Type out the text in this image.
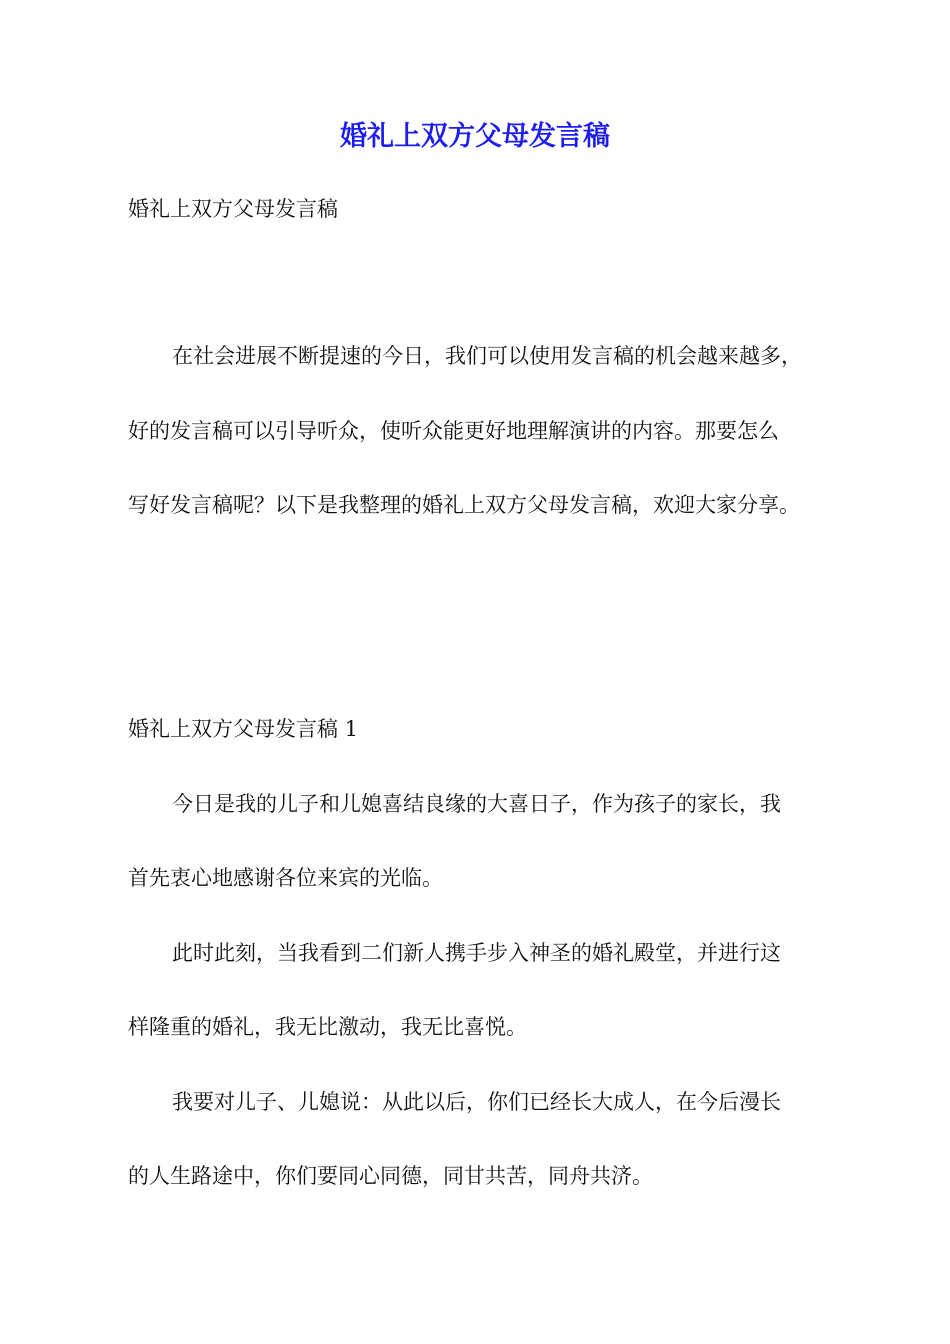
婚礼上双方父母发言稿

婚礼上双方父母发言稿

在社会进展不断提速的今日，我们可以使用发言稿的机会越来越多，

好的发言稿可以引导听众，使听众能更好地理解演讲的内容。那要怎么

写好发言稿呢？以下是我整理的婚礼上双方父母发言稿，欢迎大家分享。

婚礼上双方父母发言稿 1

今日是我的儿子和儿媳喜结良缘的大喜日子，作为孩子的家长，我

首先衷心地感谢各位来宾的光临。

此时此刻，当我看到二们新人携手步入神圣的婚礼殿堂，并进行这

样隆重的婚礼，我无比激动，我无比喜悦。

我要对儿子、儿媳说：从此以后，你们已经长大成人，在今后漫长

的人生路途中，你们要同心同德，同甘共苦，同舟共济。
